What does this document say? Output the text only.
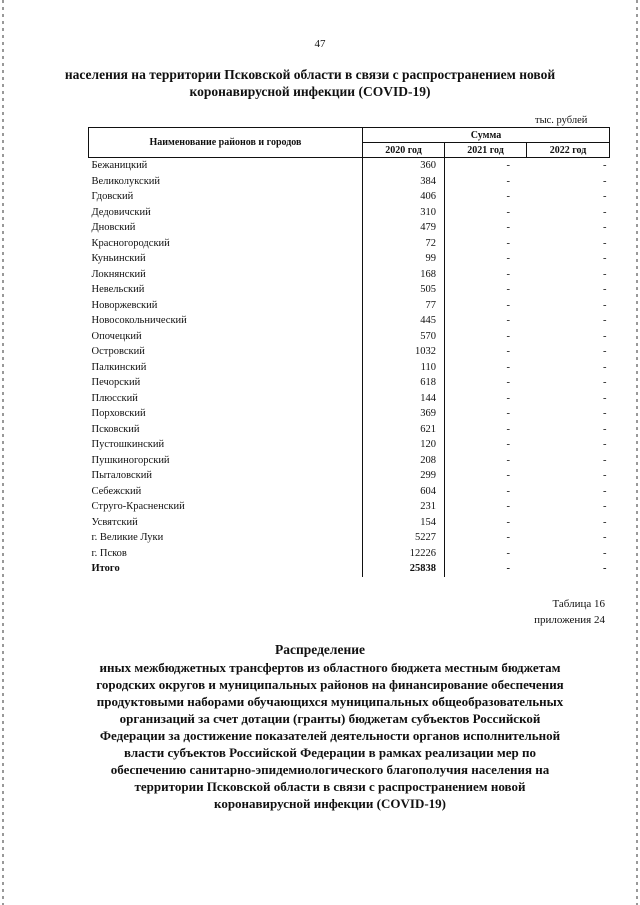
47
населения на территории Псковской области в связи с распространением новой коронавирусной инфекции (COVID-19)
тыс. рублей
Наименование районов и городов	Сумма		
	2020 год	2021 год	2022 год
Бежаницкий	360	-	-
Великолукский	384	-	-
Гдовский	406	-	-
Дедовичский	310	-	-
Дновский	479	-	-
Красногородский	72	-	-
Куньинский	99	-	-
Локнянский	168	-	-
Невельский	505	-	-
Новоржевский	77	-	-
Новосокольнический	445	-	-
Опочецкий	570	-	-
Островский	1032	-	-
Палкинский	110	-	-
Печорский	618	-	-
Плюсский	144	-	-
Порховский	369	-	-
Псковский	621	-	-
Пустошкинский	120	-	-
Пушкиногорский	208	-	-
Пыталовский	299	-	-
Себежский	604	-	-
Струго-Красненский	231	-	-
Усвятский	154	-	-
г. Великие Луки	5227	-	-
г. Псков	12226	-	-
Итого	25838	-	-
Таблица 16
приложения 24
Распределение
иных межбюджетных трансфертов из областного бюджета местным бюджетам городских округов и муниципальных районов на финансирование обеспечения продуктовыми наборами обучающихся муниципальных общеобразовательных организаций за счет дотации (гранты) бюджетам субъектов Российской Федерации за достижение показателей деятельности органов исполнительной власти субъектов Российской Федерации в рамках реализации мер по обеспечению санитарно-эпидемиологического благополучия населения на территории Псковской области в связи с распространением новой коронавирусной инфекции (COVID-19)
